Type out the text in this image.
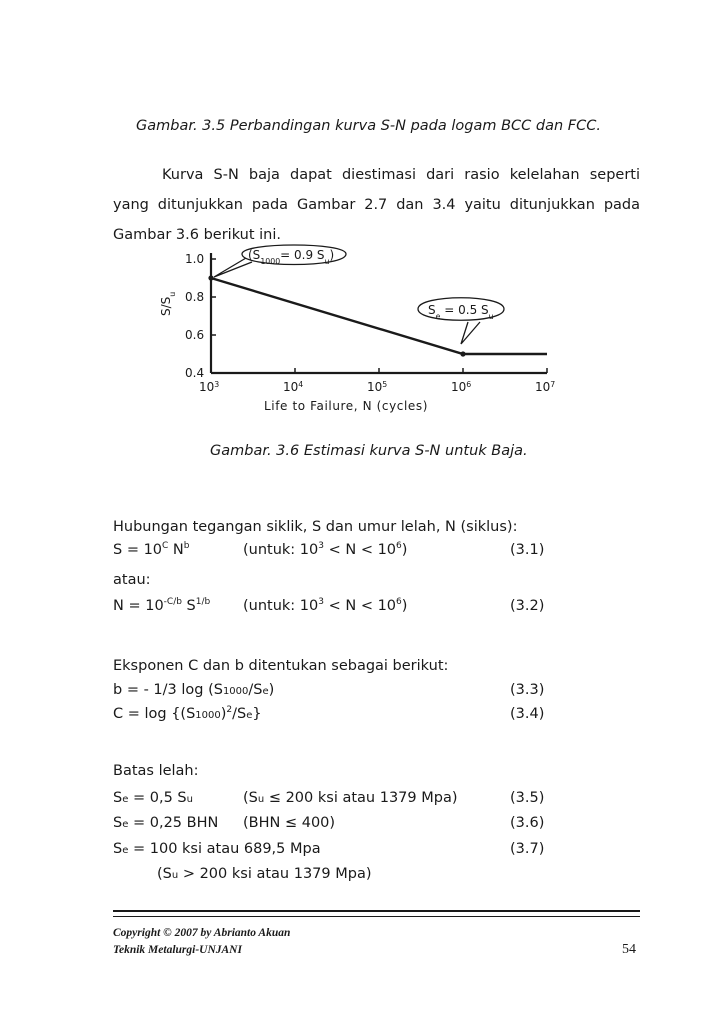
Gambar. 3.5 Perbandingan kurva S-N pada logam BCC dan FCC.
Kurva S-N baja dapat diestimasi dari rasio kelelahan seperti
yang ditunjukkan pada Gambar 2.7 dan 3.4 yaitu ditunjukkan pada
Gambar 3.6 berikut ini.
1.0
0.8
0.6
0.4
$10^3$	$10^4$	$10^5$	$10^6$	$10^7$
$S/S_u$
Life to Failure, N (cycles)
($S_{1000}= 0.9$ $S_u$)
$S_e = 0.5$ $S_u$
Gambar. 3.6 Estimasi kurva S-N untuk Baja.
Hubungan tegangan siklik, S dan umur lelah, N (siklus):
$S = 10^C$ $N^b$	(untuk: $10^3 < N < 10^6$)	(3.1)
atau:
$N = 10^{-C/b}$ $S^{1/b}$ (untuk: $10^3 < N < 10^6$)	(3.2)
Eksponen C dan b ditentukan sebagai berikut:
b = - 1/3 log (S1000/Se)	(3.3)
$C = \log \{(S1000)^2/Se\}$	(3.4)
Batas lelah:
Se = 0,5 Su	(Su ≤ 200 ksi atau 1379 Mpa)	(3.5)
Se = 0,25 BHN (BHN ≤ 400)	(3.6)
Se = 100 ksi atau 689,5 Mpa	(3.7)
(Su > 200 ksi atau 1379 Mpa)
Copyright © 2007 by Abrianto Akuan
Teknik Metalurgi-UNJANI	54
